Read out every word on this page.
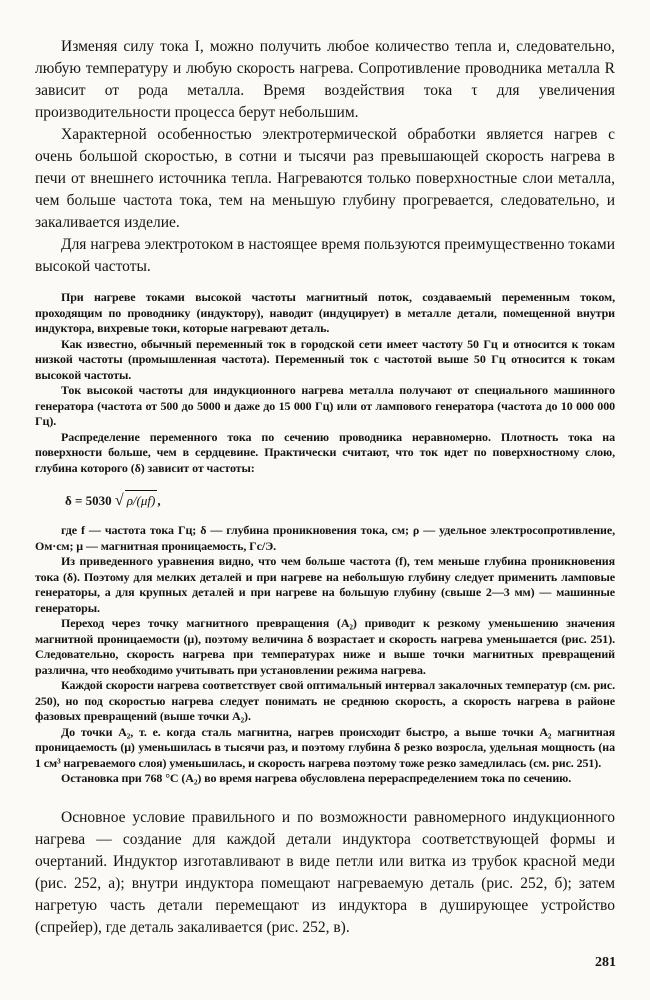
Изменяя силу тока I, можно получить любое количество тепла и, следовательно, любую температуру и любую скорость нагрева. Сопротивление проводника металла R зависит от рода металла. Время воздействия тока τ для увеличения производительности процесса берут небольшим.

Характерной особенностью электротермической обработки является нагрев с очень большой скоростью, в сотни и тысячи раз превышающей скорость нагрева в печи от внешнего источника тепла. Нагреваются только поверхностные слои металла, чем больше частота тока, тем на меньшую глубину прогревается, следовательно, и закаливается изделие.

Для нагрева электротоком в настоящее время пользуются преимущественно токами высокой частоты.

При нагреве токами высокой частоты магнитный поток, создаваемый переменным током, проходящим по проводнику (индуктору), наводит (индуцирует) в металле детали, помещенной внутри индуктора, вихревые токи, которые нагревают деталь.

Как известно, обычный переменный ток в городской сети имеет частоту 50 Гц и относится к токам низкой частоты (промышленная частота). Переменный ток с частотой выше 50 Гц относится к токам высокой частоты.

Ток высокой частоты для индукционного нагрева металла получают от специального машинного генератора (частота от 500 до 5000 и даже до 15 000 Гц) или от лампового генератора (частота до 10 000 000 Гц).

Распределение переменного тока по сечению проводника неравномерно. Плотность тока на поверхности больше, чем в сердцевине. Практически считают, что ток идет по поверхностному слою, глубина которого (δ) зависит от частоты:

δ = 5030 √ ρ/(μf) ,

где f — частота тока Гц; δ — глубина проникновения тока, см; ρ — удельное электросопротивление, Ом·см; μ — магнитная проницаемость, Гс/Э.

Из приведенного уравнения видно, что чем больше частота (f), тем меньше глубина проникновения тока (δ). Поэтому для мелких деталей и при нагреве на небольшую глубину следует применить ламповые генераторы, а для крупных деталей и при нагреве на большую глубину (свыше 2—3 мм) — машинные генераторы.

Переход через точку магнитного превращения (A₂) приводит к резкому уменьшению значения магнитной проницаемости (μ), поэтому величина δ возрастает и скорость нагрева уменьшается (рис. 251). Следовательно, скорость нагрева при температурах ниже и выше точки магнитных превращений различна, что необходимо учитывать при установлении режима нагрева.

Каждой скорости нагрева соответствует свой оптимальный интервал закалочных температур (см. рис. 250), но под скоростью нагрева следует понимать не среднюю скорость, а скорость нагрева в районе фазовых превращений (выше точки A₂).

До точки A₂, т. е. когда сталь магнитна, нагрев происходит быстро, а выше точки A₂ магнитная проницаемость (μ) уменьшилась в тысячи раз, и поэтому глубина δ резко возросла, удельная мощность (на 1 см³ нагреваемого слоя) уменьшилась, и скорость нагрева поэтому тоже резко замедлилась (см. рис. 251).

Остановка при 768 °C (A₂) во время нагрева обусловлена перераспределением тока по сечению.

Основное условие правильного и по возможности равномерного индукционного нагрева — создание для каждой детали индуктора соответствующей формы и очертаний. Индуктор изготавливают в виде петли или витка из трубок красной меди (рис. 252, а); внутри индуктора помещают нагреваемую деталь (рис. 252, б); затем нагретую часть детали перемещают из индуктора в душирующее устройство (спрейер), где деталь закаливается (рис. 252, в).

281
